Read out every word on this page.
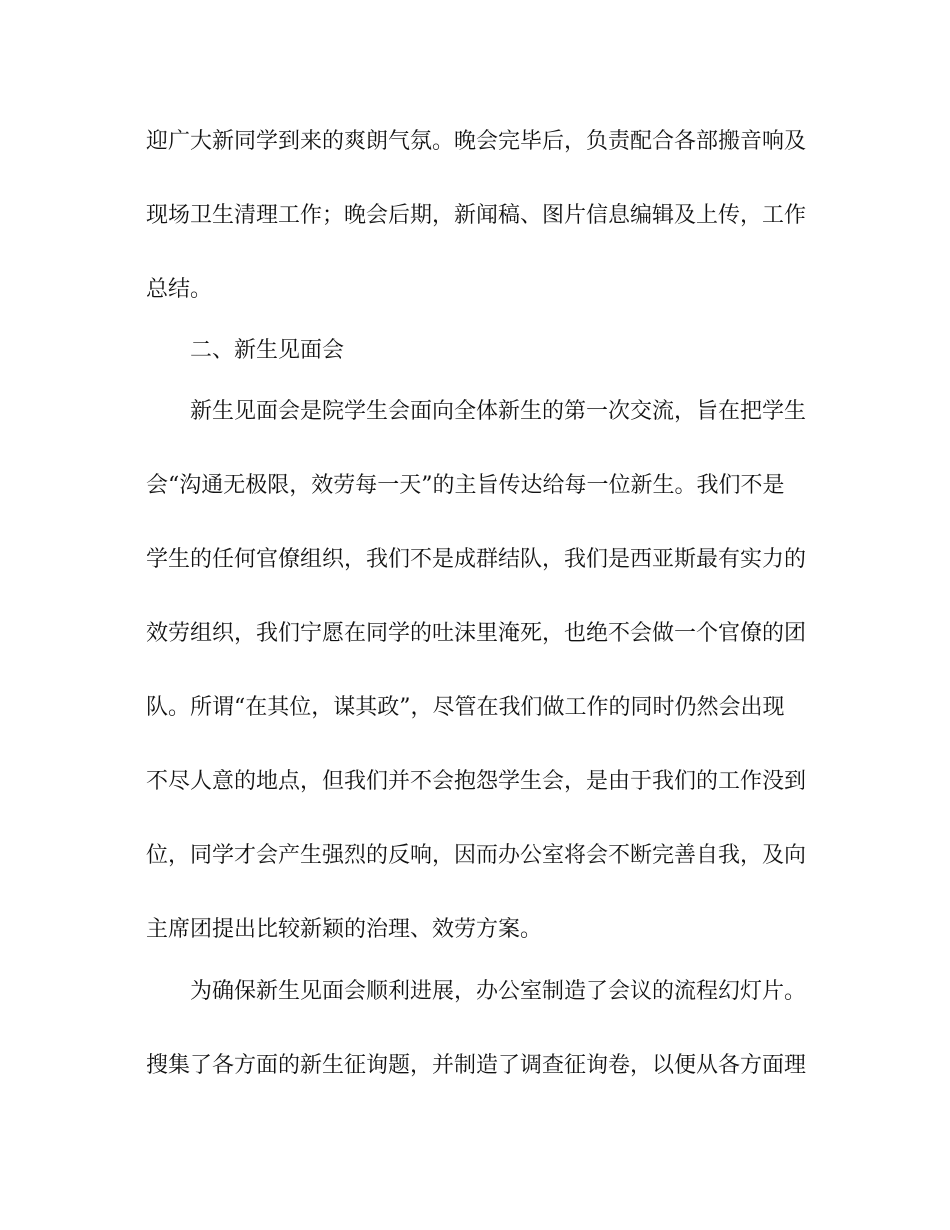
迎广大新同学到来的爽朗气氛。晚会完毕后，负责配合各部搬音响及

现场卫生清理工作；晚会后期，新闻稿、图片信息编辑及上传，工作

总结。

二、新生见面会

新生见面会是院学生会面向全体新生的第一次交流，旨在把学生

会“沟通无极限，效劳每一天”的主旨传达给每一位新生。我们不是

学生的任何官僚组织，我们不是成群结队，我们是西亚斯最有实力的

效劳组织，我们宁愿在同学的吐沫里淹死，也绝不会做一个官僚的团

队。所谓“在其位，谋其政”，尽管在我们做工作的同时仍然会出现

不尽人意的地点，但我们并不会抱怨学生会，是由于我们的工作没到

位，同学才会产生强烈的反响，因而办公室将会不断完善自我，及向

主席团提出比较新颖的治理、效劳方案。

为确保新生见面会顺利进展，办公室制造了会议的流程幻灯片。

搜集了各方面的新生征询题，并制造了调查征询卷，以便从各方面理
